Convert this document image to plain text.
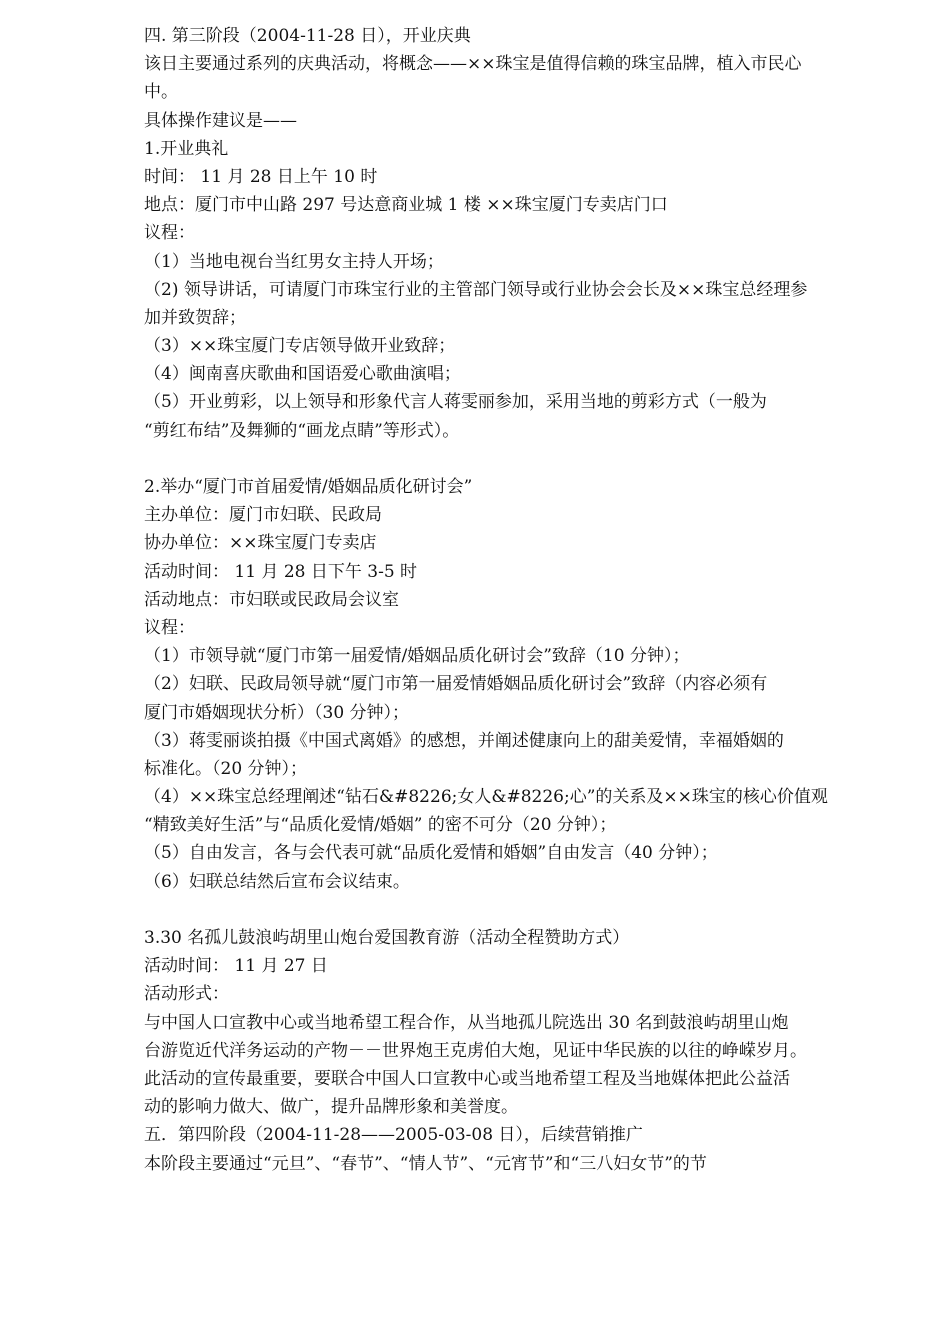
四. 第三阶段（2004-11-28 日），开业庆典
该日主要通过系列的庆典活动，将概念——××珠宝是值得信赖的珠宝品牌，植入市民心
中。
具体操作建议是——
1.开业典礼
时间： 11 月 28 日上午 10 时
地点：厦门市中山路 297 号达意商业城 1 楼 ××珠宝厦门专卖店门口
议程：
（1）当地电视台当红男女主持人开场；
（2) 领导讲话，可请厦门市珠宝行业的主管部门领导或行业协会会长及××珠宝总经理参
加并致贺辞；
（3）××珠宝厦门专店领导做开业致辞；
（4）闽南喜庆歌曲和国语爱心歌曲演唱；
（5）开业剪彩，以上领导和形象代言人蒋雯丽参加，采用当地的剪彩方式（一般为
“剪红布结”及舞狮的“画龙点睛”等形式）。
2.举办“厦门市首届爱情/婚姻品质化研讨会”
主办单位：厦门市妇联、民政局
协办单位：××珠宝厦门专卖店
活动时间： 11 月 28 日下午 3-5 时
活动地点：市妇联或民政局会议室
议程：
（1）市领导就“厦门市第一届爱情/婚姻品质化研讨会”致辞（10 分钟）；
（2）妇联、民政局领导就“厦门市第一届爱情婚姻品质化研讨会”致辞（内容必须有
厦门市婚姻现状分析）（30 分钟）；
（3）蒋雯丽谈拍摄《中国式离婚》的感想，并阐述健康向上的甜美爱情，幸福婚姻的
标准化。（20 分钟）；
（4）××珠宝总经理阐述“钻石&#8226;女人&#8226;心”的关系及××珠宝的核心价值观
“精致美好生活”与“品质化爱情/婚姻” 的密不可分（20 分钟）；
（5）自由发言，各与会代表可就“品质化爱情和婚姻”自由发言（40 分钟）；
（6）妇联总结然后宣布会议结束。
3.30 名孤儿鼓浪屿胡里山炮台爱国教育游（活动全程赞助方式）
活动时间： 11 月 27 日
活动形式：
与中国人口宣教中心或当地希望工程合作，从当地孤儿院选出 30 名到鼓浪屿胡里山炮
台游览近代洋务运动的产物－－世界炮王克虏伯大炮，见证中华民族的以往的峥嵘岁月。
此活动的宣传最重要，要联合中国人口宣教中心或当地希望工程及当地媒体把此公益活
动的影响力做大、做广，提升品牌形象和美誉度。
五．第四阶段（2004-11-28——2005-03-08 日），后续营销推广
本阶段主要通过“元旦”、“春节”、“情人节”、“元宵节”和“三八妇女节”的节
